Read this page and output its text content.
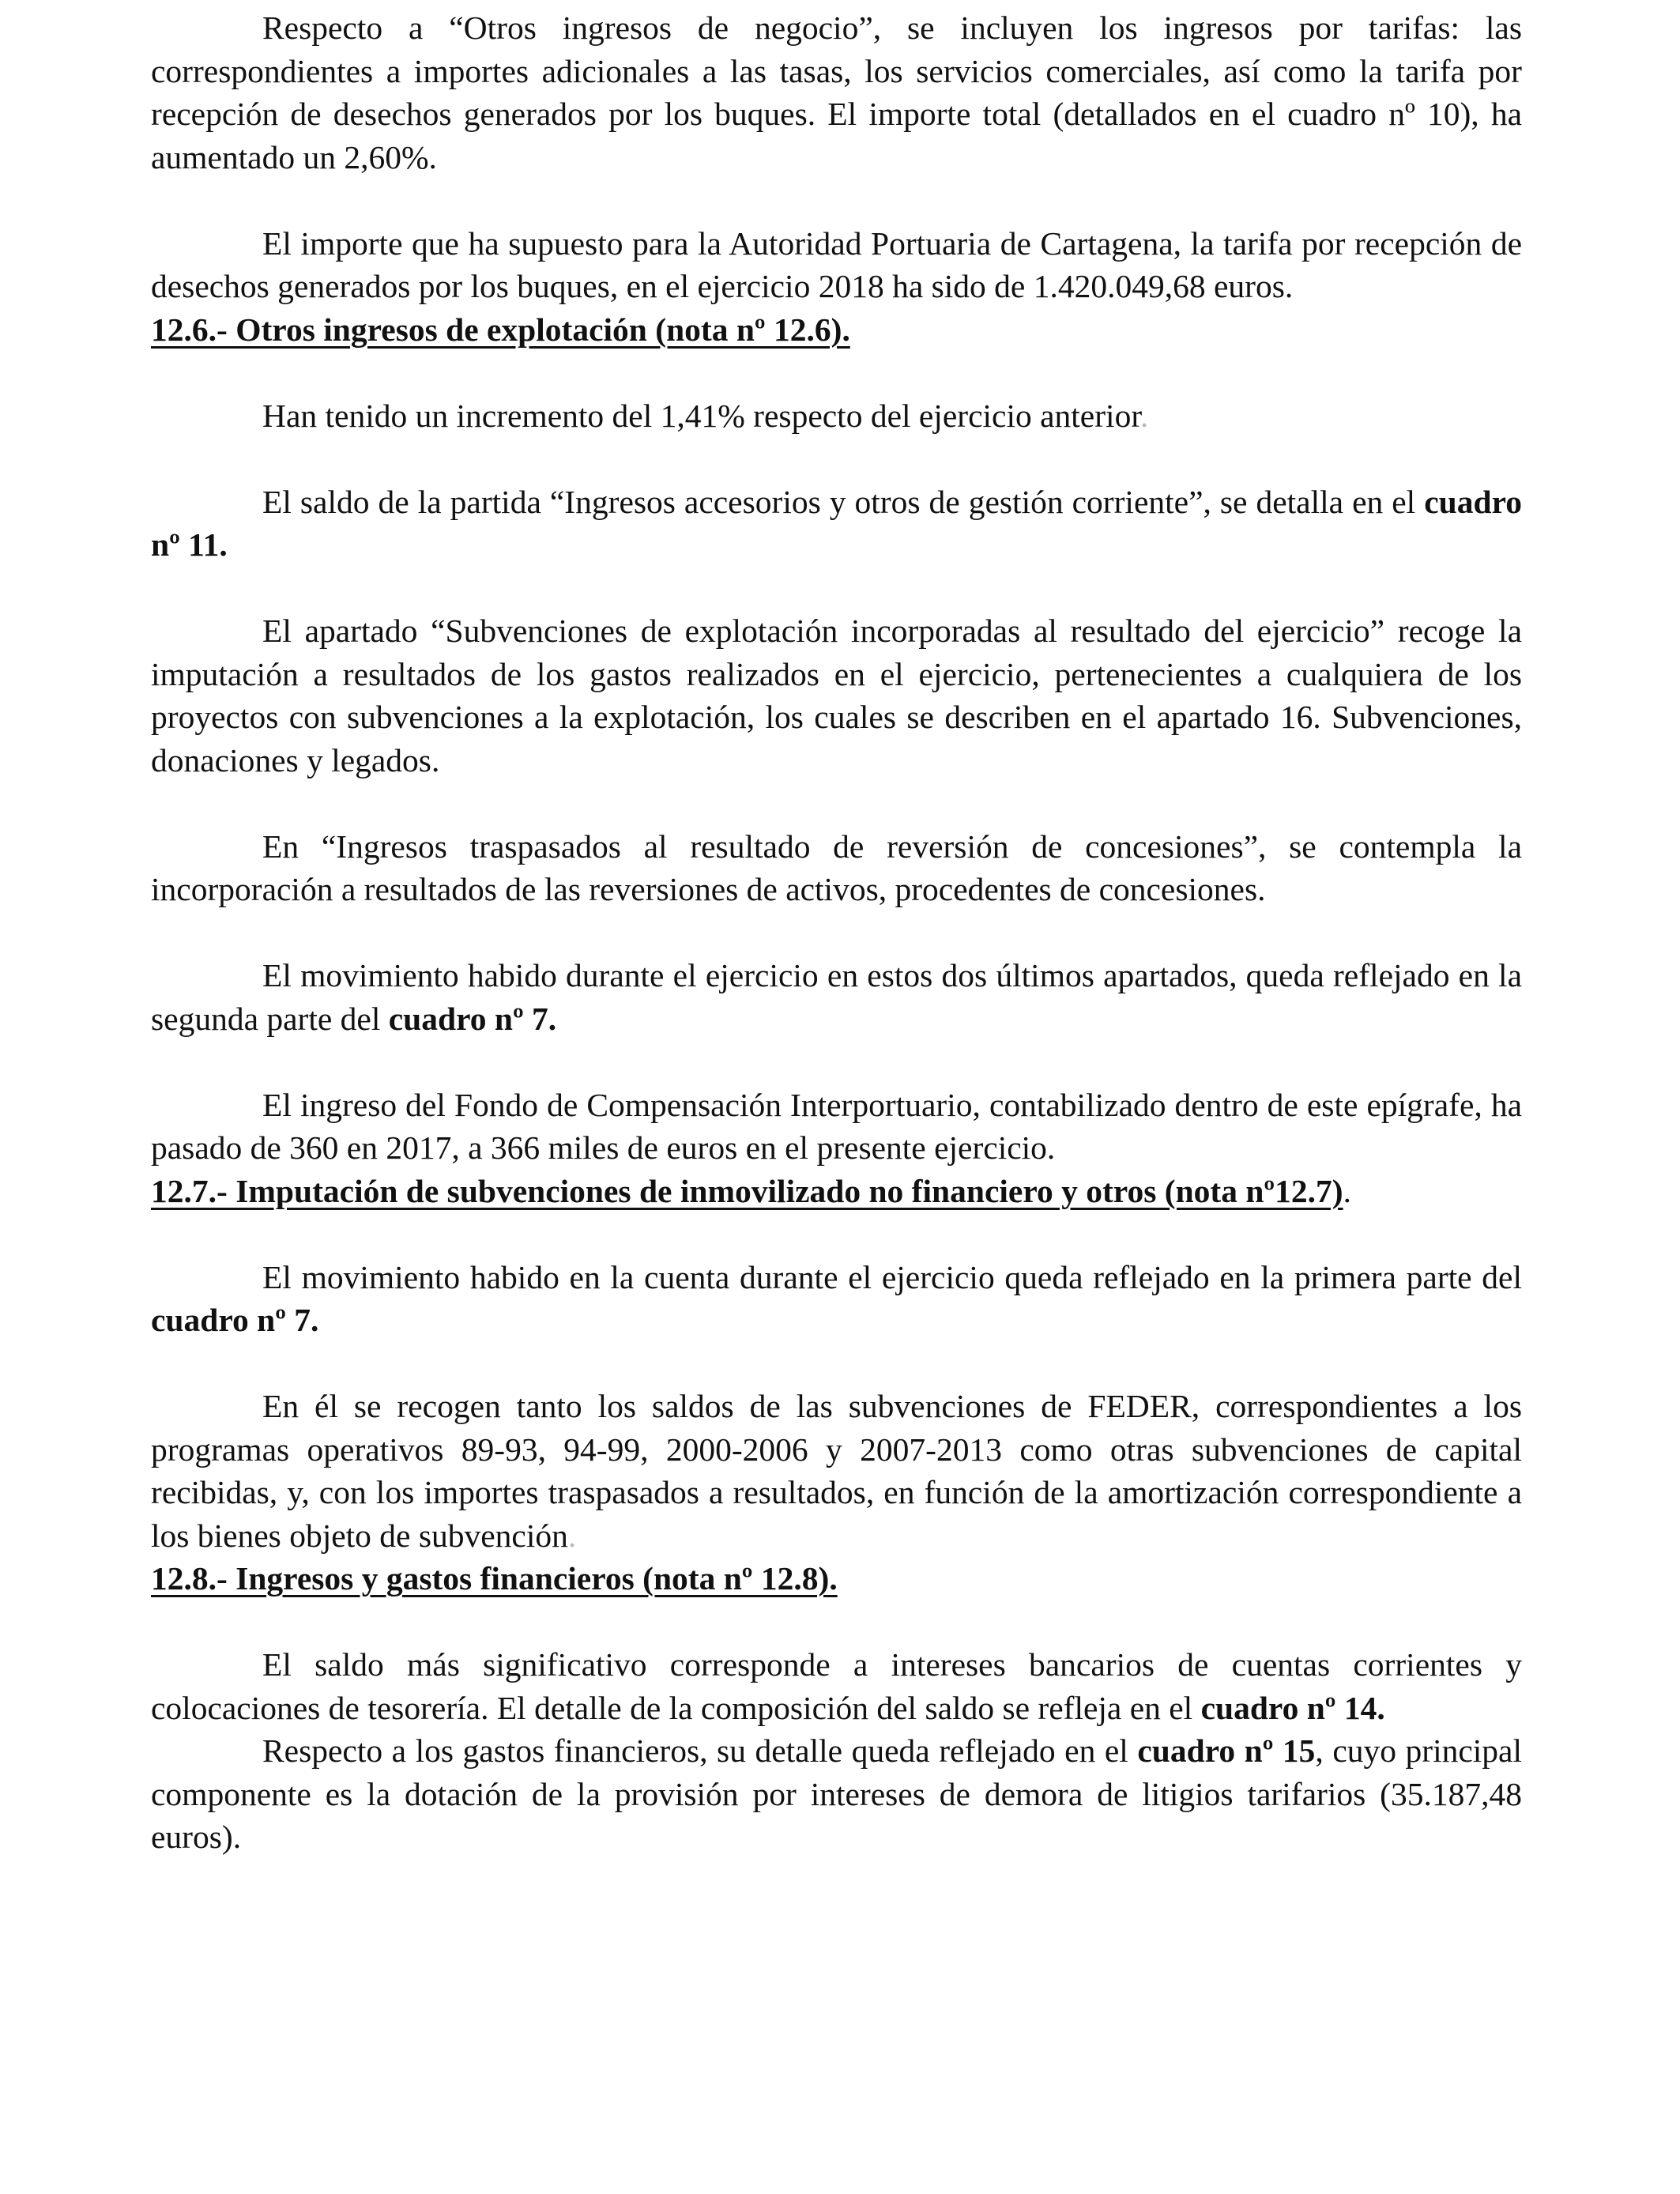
Respecto a “Otros ingresos de negocio”, se incluyen los ingresos por tarifas: las correspondientes a importes adicionales a las tasas, los servicios comerciales, así como la tarifa por recepción de desechos generados por los buques. El importe total (detallados en el cuadro nº 10), ha aumentado un 2,60%.

El importe que ha supuesto para la Autoridad Portuaria de Cartagena, la tarifa por recepción de desechos generados por los buques, en el ejercicio 2018 ha sido de 1.420.049,68 euros.

12.6.- Otros ingresos de explotación (nota nº 12.6).

Han tenido un incremento del 1,41% respecto del ejercicio anterior.

El saldo de la partida “Ingresos accesorios y otros de gestión corriente”, se detalla en el cuadro nº 11.

El apartado “Subvenciones de explotación incorporadas al resultado del ejercicio” recoge la imputación a resultados de los gastos realizados en el ejercicio, pertenecientes a cualquiera de los proyectos con subvenciones a la explotación, los cuales se describen en el apartado 16. Subvenciones, donaciones y legados.

En “Ingresos traspasados al resultado de reversión de concesiones”, se contempla la incorporación a resultados de las reversiones de activos, procedentes de concesiones.

El movimiento habido durante el ejercicio en estos dos últimos apartados, queda reflejado en la segunda parte del cuadro nº 7.

El ingreso del Fondo de Compensación Interportuario, contabilizado dentro de este epígrafe, ha pasado de 360 en 2017, a 366 miles de euros en el presente ejercicio.

12.7.- Imputación de subvenciones de inmovilizado no financiero y otros (nota nº12.7).

El movimiento habido en la cuenta durante el ejercicio queda reflejado en la primera parte del cuadro nº 7.

En él se recogen tanto los saldos de las subvenciones de FEDER, correspondientes a los programas operativos 89-93, 94-99, 2000-2006 y 2007-2013 como otras subvenciones de capital recibidas, y, con los importes traspasados a resultados, en función de la amortización correspondiente a los bienes objeto de subvención.

12.8.- Ingresos y gastos financieros (nota nº 12.8).

El saldo más significativo corresponde a intereses bancarios de cuentas corrientes y colocaciones de tesorería. El detalle de la composición del saldo se refleja en el cuadro nº 14.

Respecto a los gastos financieros, su detalle queda reflejado en el cuadro nº 15, cuyo principal componente es la dotación de la provisión por intereses de demora de litigios tarifarios (35.187,48 euros).
